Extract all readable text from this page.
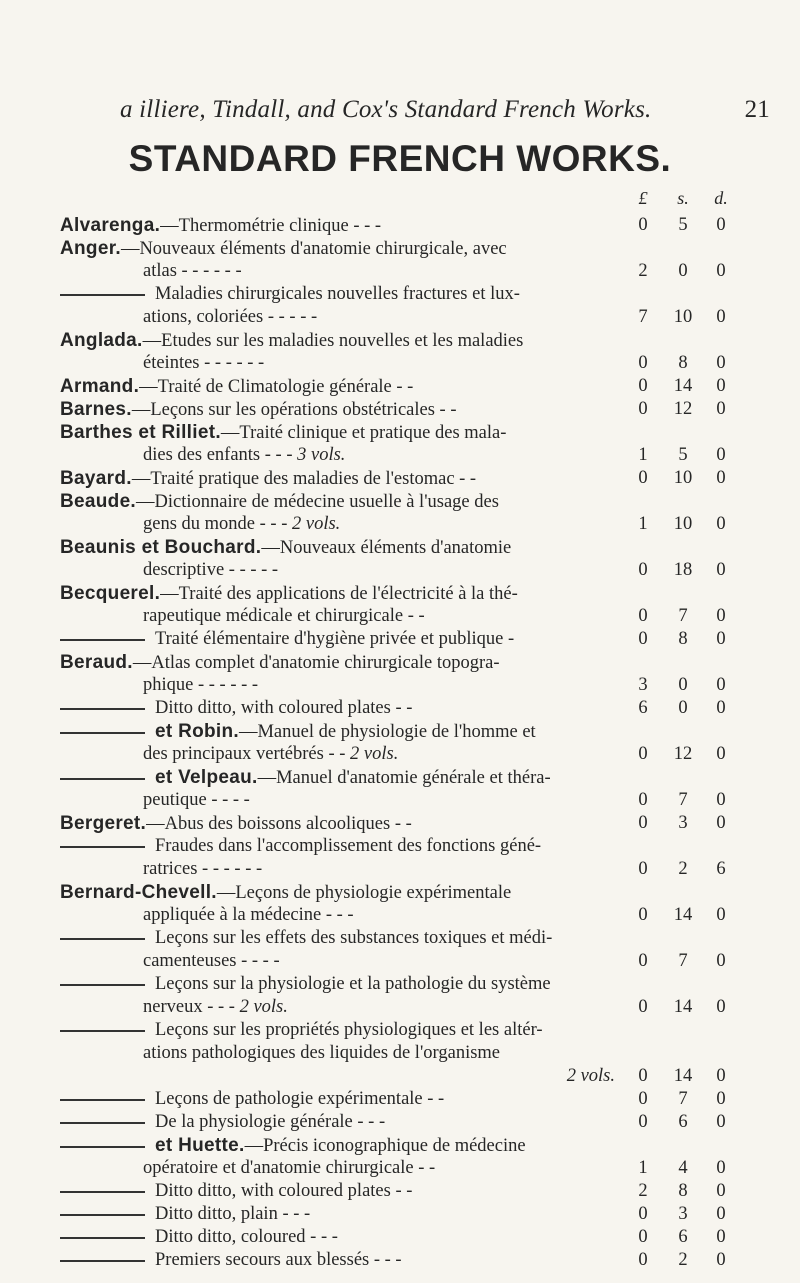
a illiere, Tindall, and Cox's Standard French Works.	21
STANDARD FRENCH WORKS.
£	s.	d.
Alvarenga.—Thermométrie clinique - - -	0	5	0
Anger.—Nouveaux éléments d'anatomie chirurgicale, avec
atlas - - - - - -	2	0	0
Maladies chirurgicales nouvelles fractures et lux-
ations, coloriées - - - - -	7	10	0
Anglada.—Etudes sur les maladies nouvelles et les maladies
éteintes - - - - - -	0	8	0
Armand.—Traité de Climatologie générale - -	0	14	0
Barnes.—Leçons sur les opérations obstétricales - -	0	12	0
Barthes et Rilliet.—Traité clinique et pratique des mala-
dies des enfants - - - 3 vols.	1	5	0
Bayard.—Traité pratique des maladies de l'estomac - -	0	10	0
Beaude.—Dictionnaire de médecine usuelle à l'usage des
gens du monde - - - 2 vols.	1	10	0
Beaunis et Bouchard.—Nouveaux éléments d'anatomie
descriptive - - - - -	0	18	0
Becquerel.—Traité des applications de l'électricité à la thé-
rapeutique médicale et chirurgicale - -	0	7	0
Traité élémentaire d'hygiène privée et publique -	0	8	0
Beraud.—Atlas complet d'anatomie chirurgicale topogra-
phique - - - - - -	3	0	0
Ditto ditto, with coloured plates - -	6	0	0
et Robin.—Manuel de physiologie de l'homme et
des principaux vertébrés - - 2 vols.	0	12	0
et Velpeau.—Manuel d'anatomie générale et théra-
peutique - - - -	0	7	0
Bergeret.—Abus des boissons alcooliques - -	0	3	0
Fraudes dans l'accomplissement des fonctions géné-
ratrices - - - - - -	0	2	6
Bernard-Chevell.—Leçons de physiologie expérimentale
appliquée à la médecine - - -	0	14	0
Leçons sur les effets des substances toxiques et médi-
camenteuses - - - -	0	7	0
Leçons sur la physiologie et la pathologie du système
nerveux - - - 2 vols.	0	14	0
Leçons sur les propriétés physiologiques et les altér-
ations pathologiques des liquides de l'organisme
2 vols.	0	14	0
Leçons de pathologie expérimentale - -	0	7	0
De la physiologie générale - - -	0	6	0
et Huette.—Précis iconographique de médecine
opératoire et d'anatomie chirurgicale - -	1	4	0
Ditto ditto, with coloured plates - -	2	8	0
Ditto ditto, plain - - -	0	3	0
Ditto ditto, coloured - - -	0	6	0
Premiers secours aux blessés - - -	0	2	0
